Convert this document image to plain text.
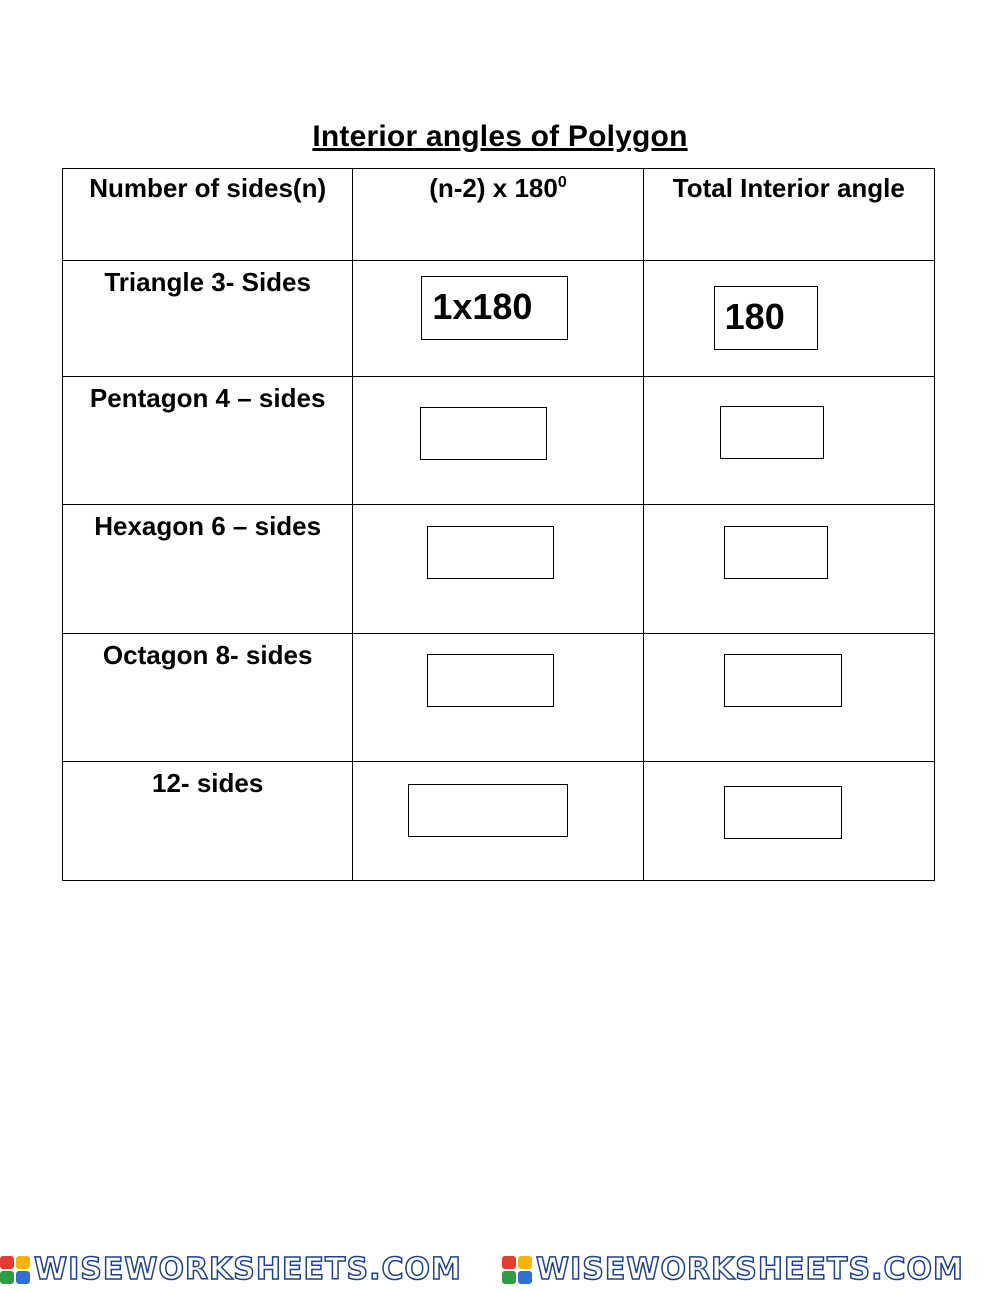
Interior angles of Polygon
Number of sides(n)	(n-2) x $180^0$	Total Interior angle

Triangle 3- Sides	1x180	180

Pentagon 4 – sides		

Hexagon 6 – sides		

Octagon 8- sides		

12- sides		

WISEWORKSHEETS.COM WISEWORKSHEETS.COM
